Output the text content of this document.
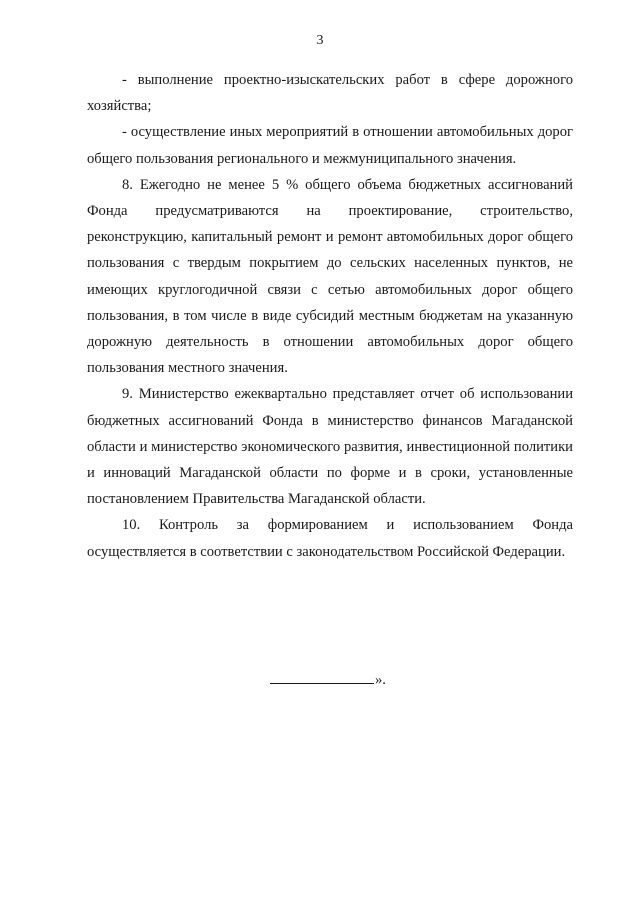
3

- выполнение проектно-изыскательских работ в сфере дорожного хозяйства;

- осуществление иных мероприятий в отношении автомобильных дорог общего пользования регионального и межмуниципального значения.

8. Ежегодно не менее 5 % общего объема бюджетных ассигнований Фонда предусматриваются на проектирование, строительство, реконструкцию, капитальный ремонт и ремонт автомобильных дорог общего пользования с твердым покрытием до сельских населенных пунктов, не имеющих круглогодичной связи с сетью автомобильных дорог общего пользования, в том числе в виде субсидий местным бюджетам на указанную дорожную деятельность в отношении автомобильных дорог общего пользования местного значения.

9. Министерство ежеквартально представляет отчет об использовании бюджетных ассигнований Фонда в министерство финансов Магаданской области и министерство экономического развития, инвестиционной политики и инноваций Магаданской области по форме и в сроки, установленные постановлением Правительства Магаданской области.

10. Контроль за формированием и использованием Фонда осуществляется в соответствии с законодательством Российской Федерации.

».
